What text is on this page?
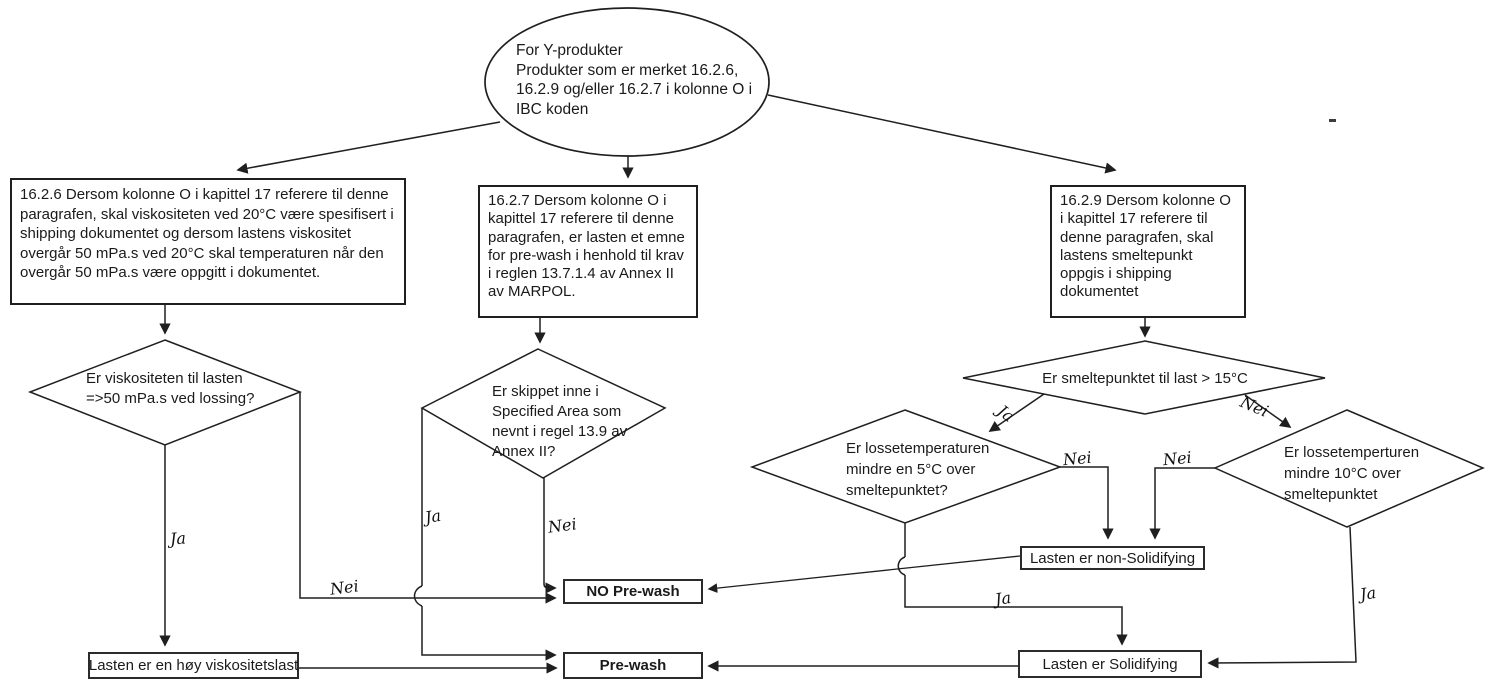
For Y-produkter
Produkter som er merket 16.2.6,
16.2.9 og/eller 16.2.7 i kolonne O i
IBC koden
16.2.6 Dersom kolonne O i kapittel 17 referere til denne paragrafen, skal viskositeten ved 20°C være spesifisert i shipping dokumentet og dersom lastens viskositet overgår 50 mPa.s ved 20°C skal temperaturen når den overgår 50 mPa.s være oppgitt i dokumentet.
16.2.7 Dersom kolonne O i kapittel 17 referere til denne paragrafen, er lasten et emne for pre-wash i henhold til krav i reglen 13.7.1.4 av Annex II av MARPOL.
16.2.9 Dersom kolonne O i kapittel 17 referere til denne paragrafen, skal lastens smeltepunkt oppgis i shipping dokumentet
Er viskositeten til lasten =>50 mPa.s ved lossing?	Er skippet inne i Specified Area som nevnt i regel 13.9 av Annex II?
Er smeltepunktet til last > 15°C
Er lossetemperaturen mindre en 5°C over smeltepunktet?
Er lossetemperturen mindre 10°C over smeltepunktet
NO Pre-wash
Pre-wash
Lasten er en høy viskositetslast
Lasten er non-Solidifying
Lasten er Solidifying
Ja
Nei
Ja	Nei
Ja	Nei
Nei	Nei
Ja	Ja
